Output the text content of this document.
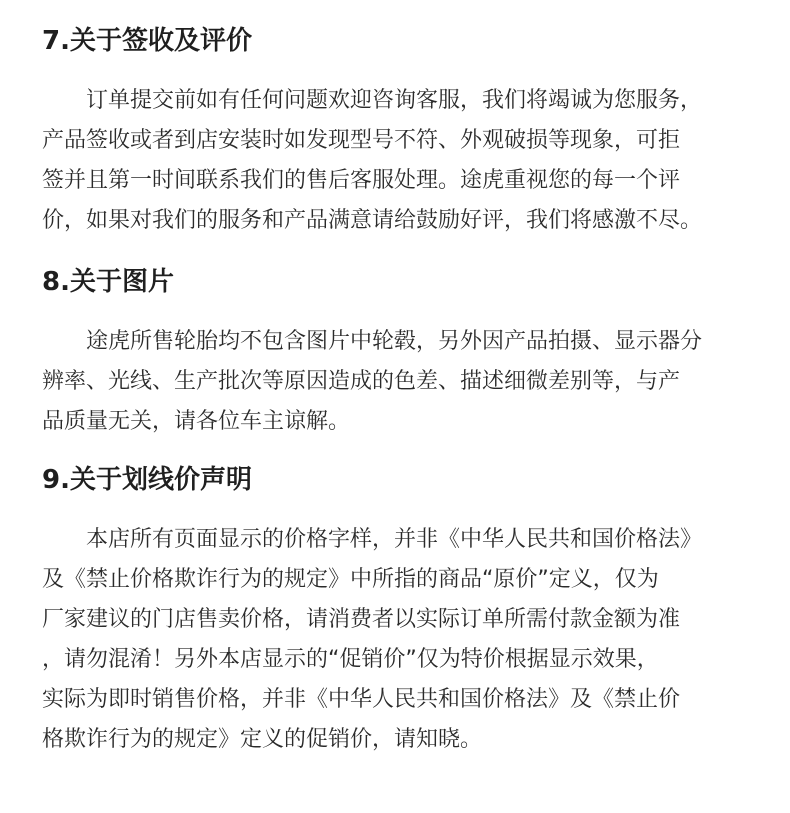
7.关于签收及评价

订单提交前如有任何问题欢迎咨询客服，我们将竭诚为您服务，
产品签收或者到店安装时如发现型号不符、外观破损等现象，可拒
签并且第一时间联系我们的售后客服处理。途虎重视您的每一个评
价，如果对我们的服务和产品满意请给鼓励好评，我们将感激不尽。

8.关于图片

途虎所售轮胎均不包含图片中轮毂，另外因产品拍摄、显示器分
辨率、光线、生产批次等原因造成的色差、描述细微差别等，与产
品质量无关，请各位车主谅解。

9.关于划线价声明

本店所有页面显示的价格字样，并非《中华人民共和国价格法》
及《禁止价格欺诈行为的规定》中所指的商品“原价”定义，仅为
厂家建议的门店售卖价格，请消费者以实际订单所需付款金额为准
，请勿混淆！另外本店显示的“促销价”仅为特价根据显示效果，
实际为即时销售价格，并非《中华人民共和国价格法》及《禁止价
格欺诈行为的规定》定义的促销价，请知晓。
